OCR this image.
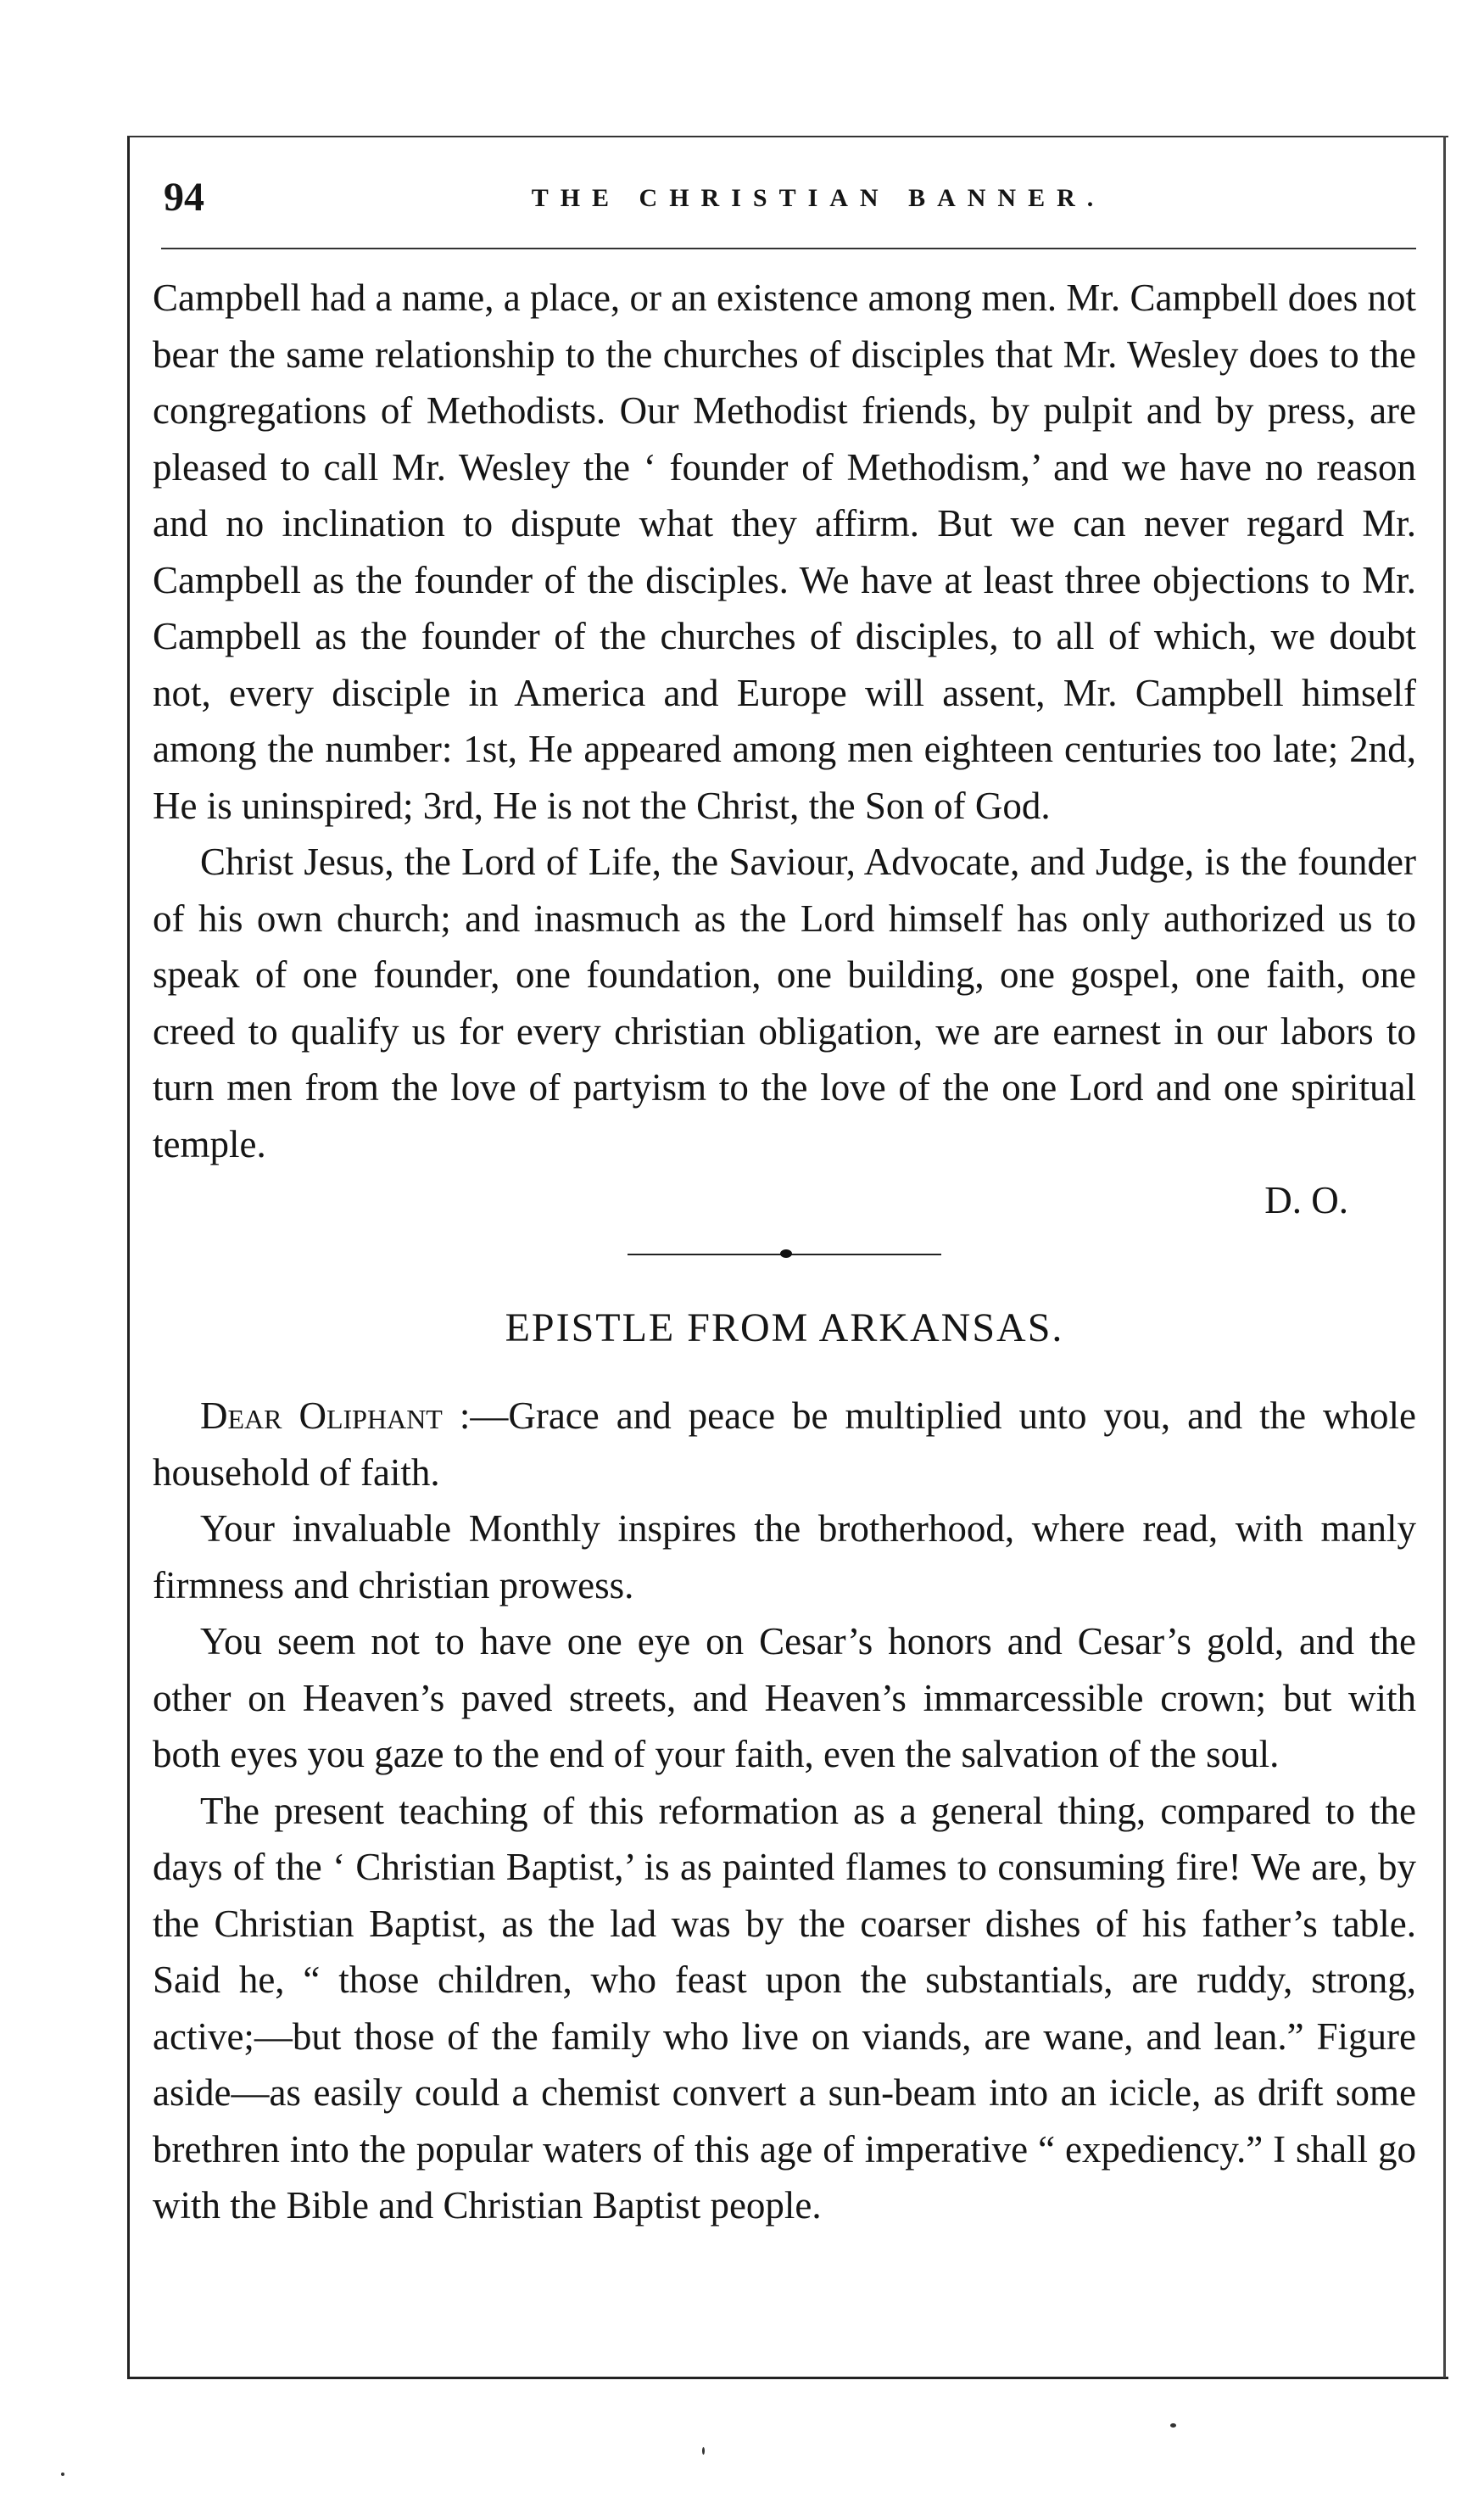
94	THE CHRISTIAN BANNER.

Campbell had a name, a place, or an existence among men. Mr. Campbell does not bear the same relationship to the churches of disciples that Mr. Wesley does to the congregations of Methodists. Our Methodist friends, by pulpit and by press, are pleased to call Mr. Wesley the ‘ founder of Methodism,’ and we have no reason and no inclination to dispute what they affirm. But we can never regard Mr. Campbell as the founder of the disciples. We have at least three objections to Mr. Campbell as the founder of the churches of disciples, to all of which, we doubt not, every disciple in America and Europe will assent, Mr. Campbell himself among the number: 1st, He appeared among men eighteen centuries too late; 2nd, He is uninspired; 3rd, He is not the Christ, the Son of God.

Christ Jesus, the Lord of Life, the Saviour, Advocate, and Judge, is the founder of his own church; and inasmuch as the Lord himself has only authorized us to speak of one founder, one foundation, one building, one gospel, one faith, one creed to qualify us for every christian obligation, we are earnest in our labors to turn men from the love of partyism to the love of the one Lord and one spiritual temple.

D. O.

EPISTLE FROM ARKANSAS.

Dear Oliphant :—Grace and peace be multiplied unto you, and the whole household of faith.

Your invaluable Monthly inspires the brotherhood, where read, with manly firmness and christian prowess.

You seem not to have one eye on Cesar’s honors and Cesar’s gold, and the other on Heaven’s paved streets, and Heaven’s immarcessible crown; but with both eyes you gaze to the end of your faith, even the salvation of the soul.

The present teaching of this reformation as a general thing, compared to the days of the ‘ Christian Baptist,’ is as painted flames to consuming fire! We are, by the Christian Baptist, as the lad was by the coarser dishes of his father’s table. Said he, “ those children, who feast upon the substantials, are ruddy, strong, active;—but those of the family who live on viands, are wane, and lean.” Figure aside—as easily could a chemist convert a sun-beam into an icicle, as drift some brethren into the popular waters of this age of imperative “ expediency.” I shall go with the Bible and Christian Baptist people.
